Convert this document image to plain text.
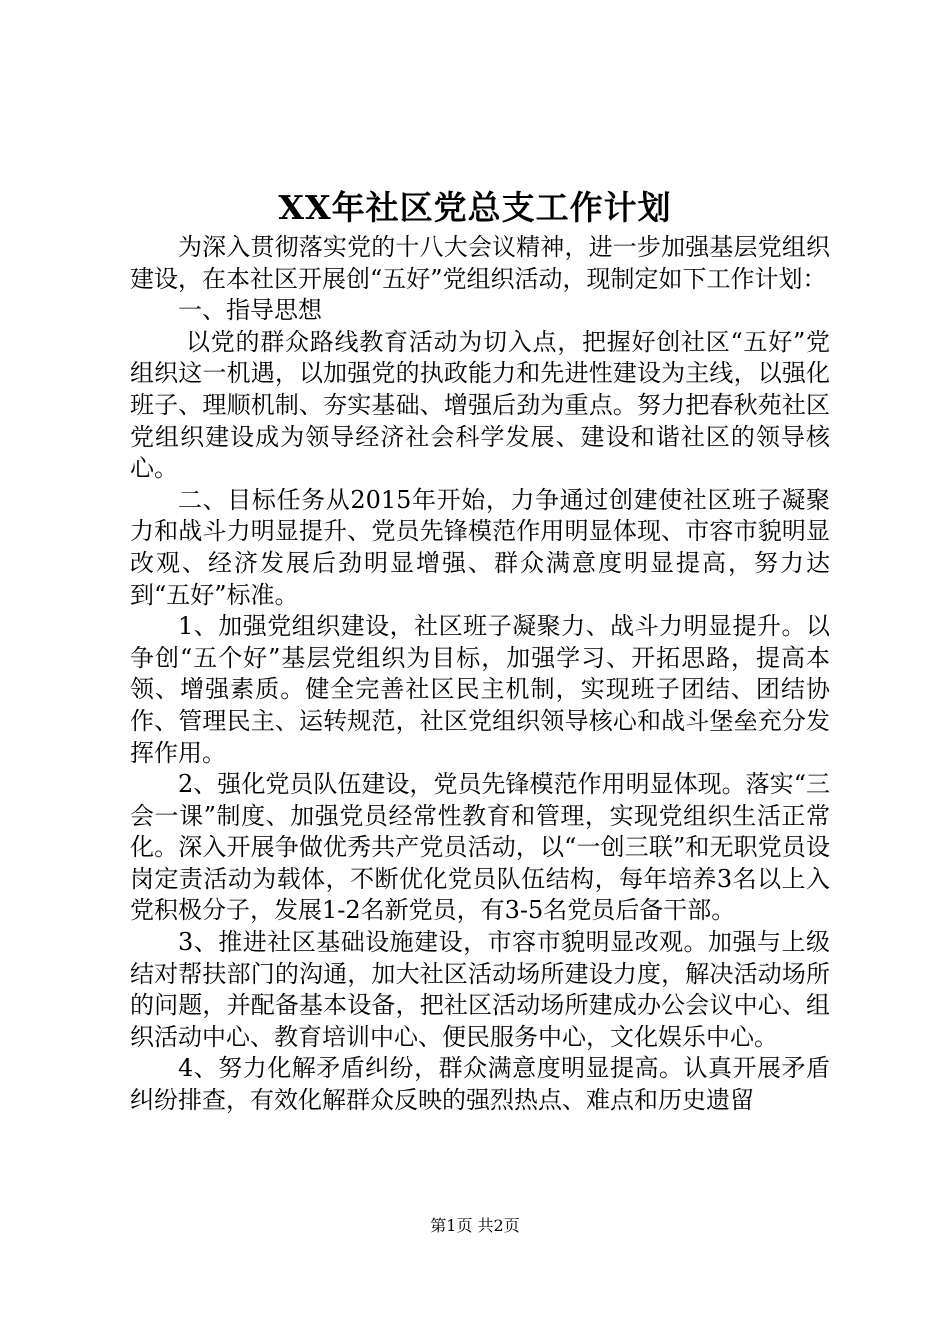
XX年社区党总支工作计划

为深入贯彻落实党的十八大会议精神，进一步加强基层党组织建设，在本社区开展创“五好”党组织活动，现制定如下工作计划：

一、指导思想

以党的群众路线教育活动为切入点，把握好创社区“五好”党组织这一机遇，以加强党的执政能力和先进性建设为主线，以强化班子、理顺机制、夯实基础、增强后劲为重点。努力把春秋苑社区党组织建设成为领导经济社会科学发展、建设和谐社区的领导核心。

二、目标任务从2015年开始，力争通过创建使社区班子凝聚力和战斗力明显提升、党员先锋模范作用明显体现、市容市貌明显改观、经济发展后劲明显增强、群众满意度明显提高，努力达到“五好”标准。

1、加强党组织建设，社区班子凝聚力、战斗力明显提升。以争创“五个好”基层党组织为目标，加强学习、开拓思路，提高本领、增强素质。健全完善社区民主机制，实现班子团结、团结协作、管理民主、运转规范，社区党组织领导核心和战斗堡垒充分发挥作用。

2、强化党员队伍建设，党员先锋模范作用明显体现。落实“三会一课”制度、加强党员经常性教育和管理，实现党组织生活正常化。深入开展争做优秀共产党员活动，以“一创三联”和无职党员设岗定责活动为载体，不断优化党员队伍结构，每年培养3名以上入党积极分子，发展1-2名新党员，有3-5名党员后备干部。

3、推进社区基础设施建设，市容市貌明显改观。加强与上级结对帮扶部门的沟通，加大社区活动场所建设力度，解决活动场所的问题，并配备基本设备，把社区活动场所建成办公会议中心、组织活动中心、教育培训中心、便民服务中心，文化娱乐中心。

4、努力化解矛盾纠纷，群众满意度明显提高。认真开展矛盾纠纷排查，有效化解群众反映的强烈热点、难点和历史遗留

第1页 共2页
